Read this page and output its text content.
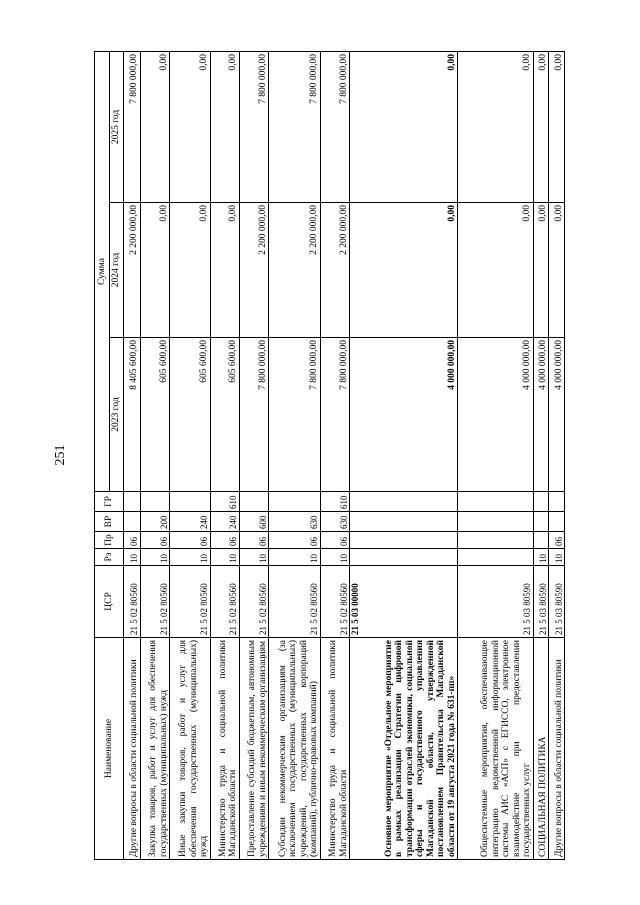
251
Наименование	ЦСР	Рз	Пр	ВР	ГР	Сумма		
						2023 год	2024 год	2025 год
Другие вопросы в области социальной политики	21 5 02 80560	10	06			8 405 600,00	2 200 000,00	7 800 000,00
Закупка товаров, работ и услуг для обеспечения государственных (муниципальных) нужд	21 5 02 80560	10	06	200		605 600,00	0,00	0,00
Иные закупки товаров, работ и услуг для обеспечения государственных (муниципальных) нужд	21 5 02 80560	10	06	240		605 600,00	0,00	0,00
Министерство труда и социальной политики Магаданской области	21 5 02 80560	10	06	240	610	605 600,00	0,00	0,00
Предоставление субсидий бюджетным, автономным учреждениям и иным некоммерческим организациям	21 5 02 80560	10	06	600		7 800 000,00	2 200 000,00	7 800 000,00
Субсидии некоммерческим организациям (за исключением государственных (муниципальных) учреждений, государственных корпораций (компаний), публично-правовых компаний)	21 5 02 80560	10	06	630		7 800 000,00	2 200 000,00	7 800 000,00
Министерство труда и социальной политики Магаданской области	21 5 02 80560	10	06	630	610	7 800 000,00	2 200 000,00	7 800 000,00
Основное мероприятие «Отдельное мероприятие в рамках реализации Стратегии цифровой трансформации отраслей экономики, социальной сферы и государственного управления Магаданской области, утвержденной постановлением Правительства Магаданской области от 19 августа 2021 года № 631-пп»	21 5 03 00000					4 000 000,00	0,00	0,00
Общесистемные мероприятия, обеспечивающие интеграцию ведомственной информационной системы АИС «АСП» с ЕГИССО, электронное взаимодействие при предоставлении государственных услуг	21 5 03 80590					4 000 000,00	0,00	0,00
СОЦИАЛЬНАЯ ПОЛИТИКА	21 5 03 80590	10				4 000 000,00	0,00	0,00
Другие вопросы в области социальной политики	21 5 03 80590	10	06			4 000 000,00	0,00	0,00
